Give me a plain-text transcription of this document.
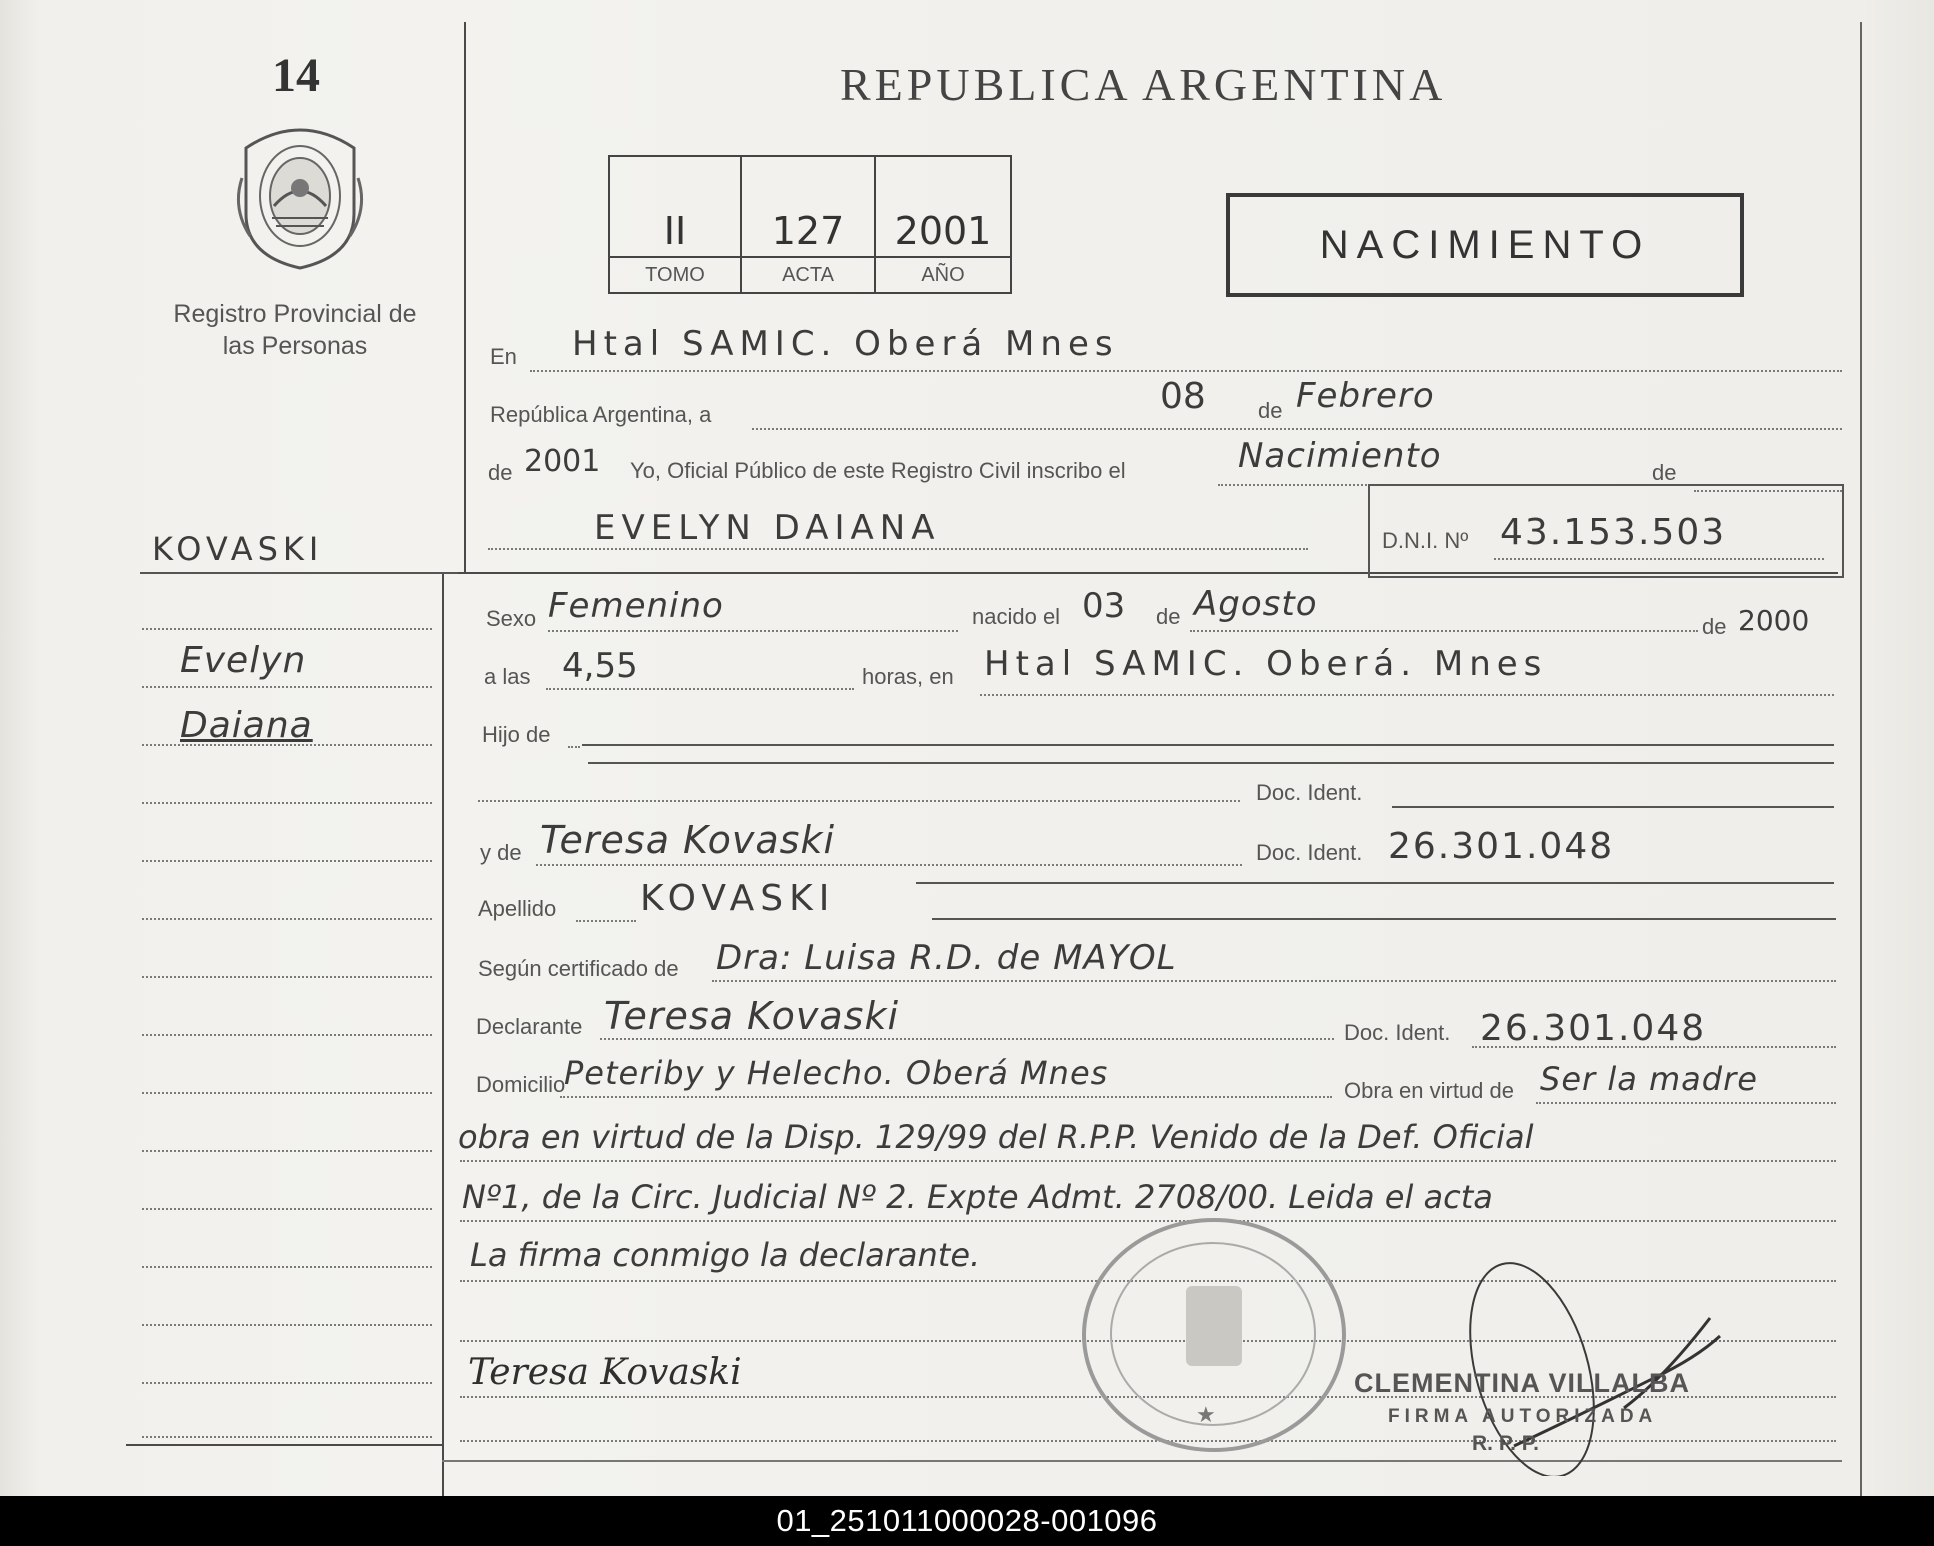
14
Registro Provincial de las Personas
KOVASKI
Evelyn
Daiana
REPUBLICA ARGENTINA
II
TOMO
127
ACTA
2001
AÑO
NACIMIENTO
En Htal SAMIC. Oberá Mnes
República Argentina, a	08 de Febrero
de 2001 Yo, Oficial Público de este Registro Civil inscribo el	Nacimiento	de
EVELYN DAIANA	D.N.I. Nº 43.153.503
Sexo Femenino	nacido el 03 de Agosto
de 2000
a las 4,55	horas, en Htal SAMIC. Oberá. Mnes
Hijo de
Doc. Ident.
y de Teresa Kovaski	Doc. Ident. 26.301.048
Apellido KOVASKI
Según certificado de Dra: Luisa R.D. de MAYOL
Declarante Teresa Kovaski	Doc. Ident. 26.301.048
Domicilio
Peteriby y Helecho. Oberá Mnes	Obra en virtud de Ser la madre
obra en virtud de la Disp. 129/99 del R.P.P. Venido de la Def. Oficial
Nº1, de la Circ. Judicial Nº 2. Expte Admt. 2708/00. Leida el acta
La firma conmigo la declarante.
Teresa Kovaski
★
CLEMENTINA VILLALBA
FIRMA AUTORIZADA
R. P. P.
01_251011000028-001096
